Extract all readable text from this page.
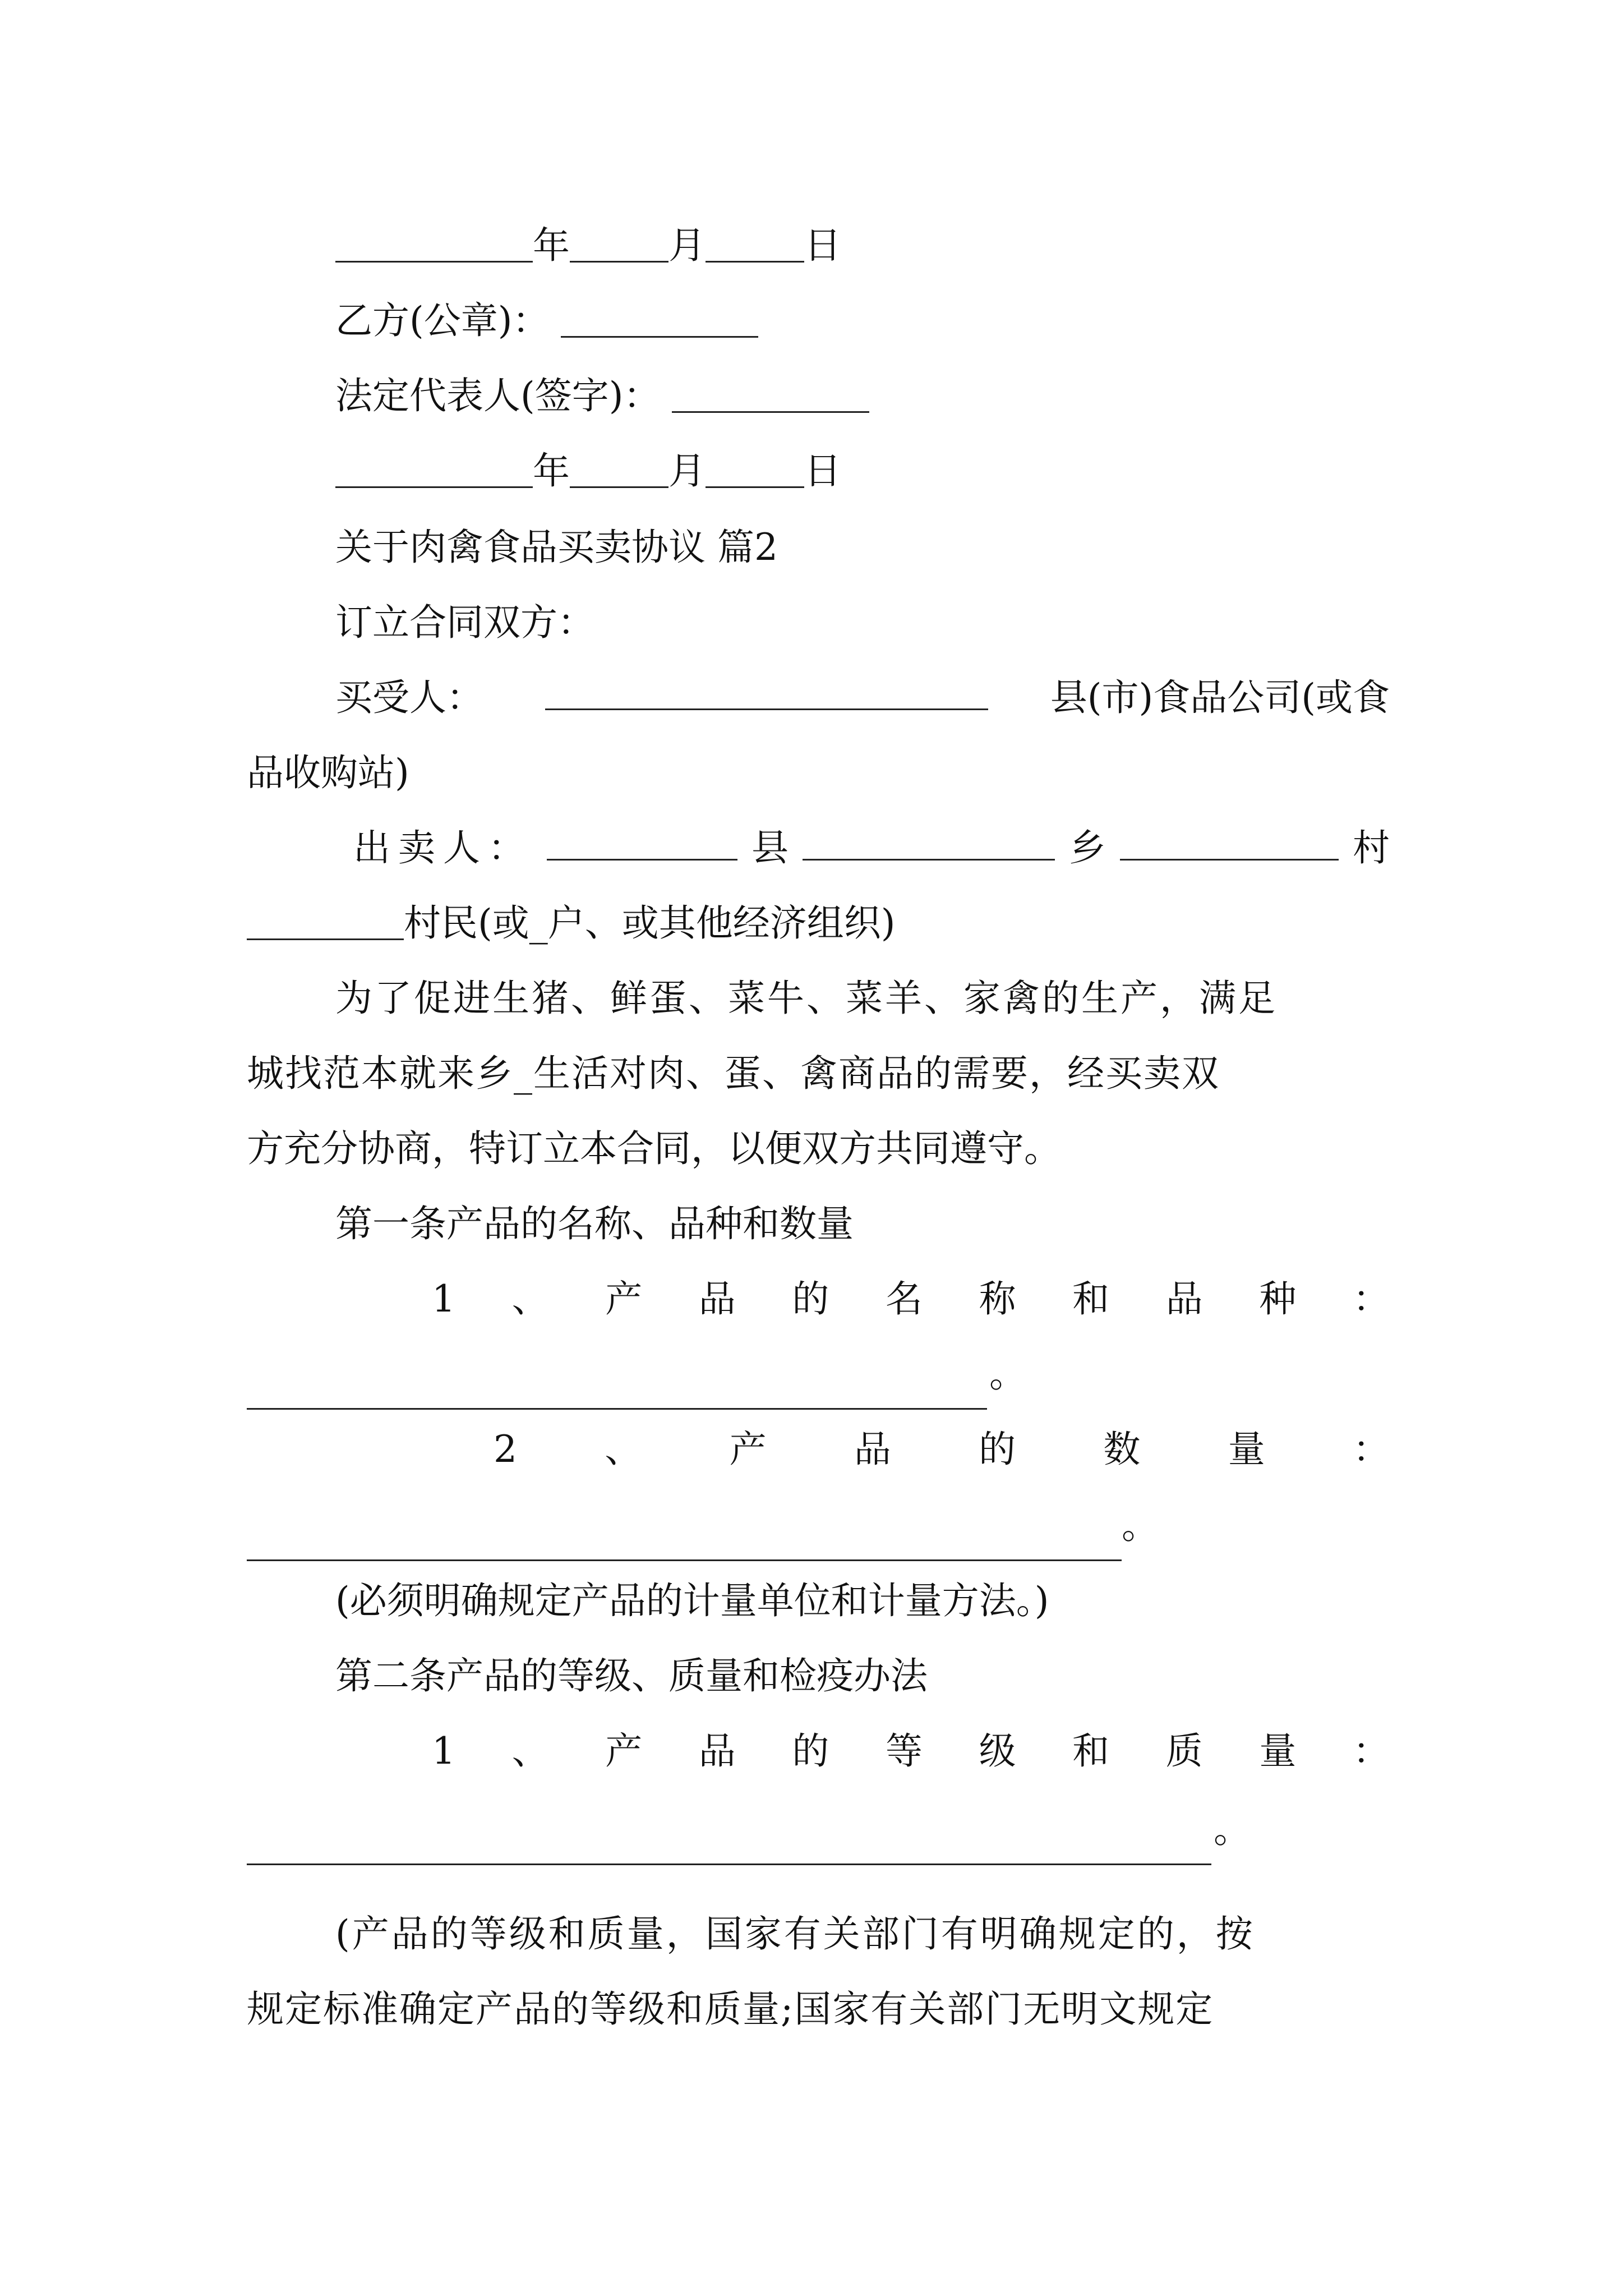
年	月	日
乙方(公章)：
法定代表人(签字)：
年	月	日
关于肉禽食品买卖协议 篇2
订立合同双方：
买受人：	县(市)食品公司(或食
品收购站)
出卖人：	县	乡	村
村民(或_户、或其他经济组织)
为了促进生猪、鲜蛋、菜牛、菜羊、家禽的生产，满足
城找范本就来乡_生活对肉、蛋、禽商品的需要，经买卖双
方充分协商，特订立本合同，以便双方共同遵守。
第一条产品的名称、品种和数量
1 、 产 品 的 名 称 和 品 种 ：
。
2 、 产 品 的 数 量 ：
。
(必须明确规定产品的计量单位和计量方法。)
第二条产品的等级、质量和检疫办法
1 、 产 品 的 等 级 和 质 量 ：
。
(产品的等级和质量，国家有关部门有明确规定的，按
规定标准确定产品的等级和质量;国家有关部门无明文规定
